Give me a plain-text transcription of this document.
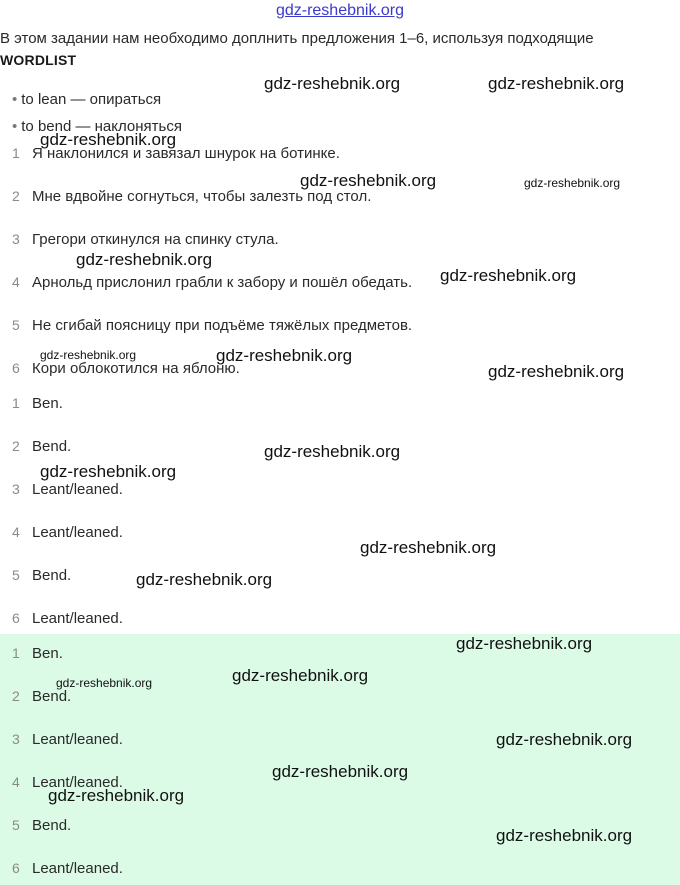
gdz-reshebnik.org
В этом задании нам необходимо доплнить предложения 1–6, используя подходящие
WORDLIST
• to lean — опираться
• to bend — наклоняться
1 Я наклонился и завязал шнурок на ботинке.
2 Мне вдвойне согнуться, чтобы залезть под стол.
3 Грегори откинулся на спинку стула.
4 Арнольд прислонил грабли к забору и пошёл обедать.
5 Не сгибай поясницу при подъёме тяжёлых предметов.
6 Кори облокотился на яблоню.
1 Ben.
2 Bend.
3 Leant/leaned.
4 Leant/leaned.
5 Bend.
6 Leant/leaned.
1 Ben.
2 Bend.
3 Leant/leaned.
4 Leant/leaned.
5 Bend.
6 Leant/leaned.
gdz-reshebnik.org	gdz-reshebnik.org
gdz-reshebnik.org
gdz-reshebnik.org	gdz-reshebnik.org
gdz-reshebnik.org
gdz-reshebnik.org
gdz-reshebnik.org	gdz-reshebnik.org
gdz-reshebnik.org
gdz-reshebnik.org
gdz-reshebnik.org
gdz-reshebnik.org
gdz-reshebnik.org
gdz-reshebnik.org
gdz-reshebnik.org	gdz-reshebnik.org
gdz-reshebnik.org
gdz-reshebnik.org
gdz-reshebnik.org
gdz-reshebnik.org
